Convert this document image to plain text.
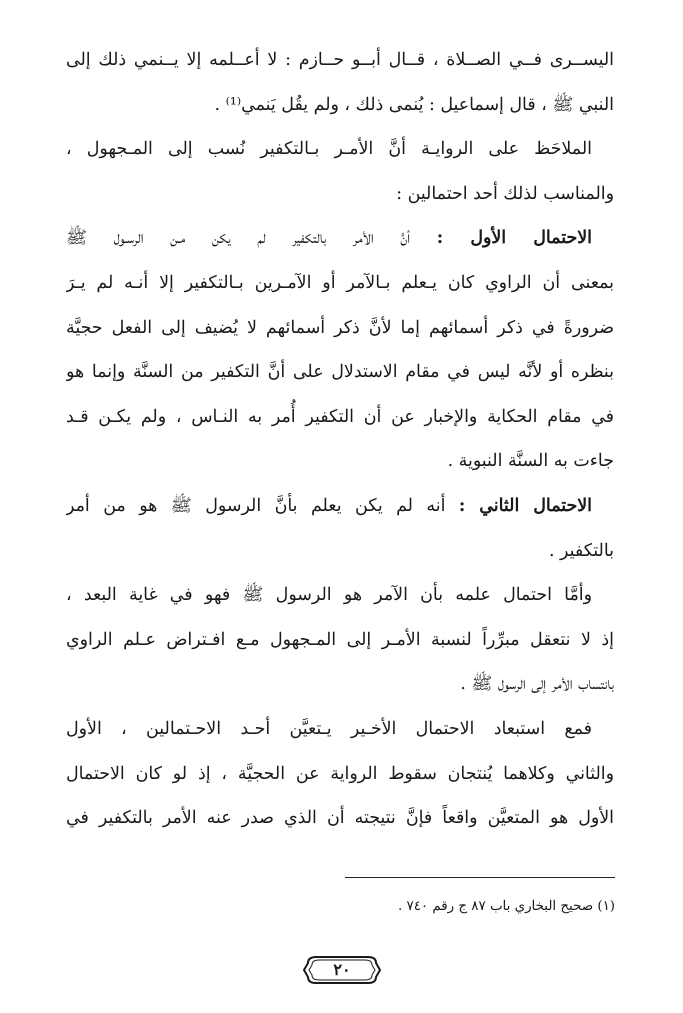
اليســرى فــي الصــلاة ، قــال أبــو حــازم : لا أعــلمه إلا يــنمي ذلك إلى
النبي ﷺ ، قال إسماعيل : يُنمى ذلك ، ولم يقُل يَنمي⁽¹⁾ .
الملاحَظ على الروايـة أنَّ الأمـر بـالتكفير نُسب إلى المـجهول ،
والمناسب لذلك أحد احتمالين :
الاحتمال الأول : أنَّ الأمر بالتكفير لم يكن مـن الرسـول ﷺ
بمعنى أن الراوي كان يـعلم بـالآمر أو الآمـرين بـالتكفير إلا أنـه لم يـرَ
ضرورةً في ذكر أسمائهم إما لأنَّ ذكر أسمائهم لا يُضيف إلى الفعل حجيَّة
بنظره أو لأنَّه ليس في مقام الاستدلال على أنَّ التكفير من السنَّة وإنما هو
في مقام الحكاية والإخبار عن أن التكفير أُمر به النـاس ، ولم يكـن قـد
جاءت به السنَّة النبوية .
الاحتمال الثاني : أنه لم يكن يعلم بأنَّ الرسول ﷺ هو من أمر
بالتكفير .
وأمَّا احتمال علمه بأن الآمر هو الرسول ﷺ فهو في غاية البعد ،
إذ لا نتعقل مبرِّراً لنسبة الأمـر إلى المـجهول مـع افـتراض عـلم الراوي
بانتساب الأمر إلى الرسول ﷺ .
فمع استبعاد الاحتمال الأخـير يـتعيَّن أحـد الاحـتمالين ، الأول
والثاني وكلاهما يُنتجان سقوط الرواية عن الحجيَّة ، إذ لو كان الاحتمال
الأول هو المتعيَّن واقعاً فإنَّ نتيجته أن الذي صدر عنه الأمر بالتكفير في
(١) صحيح البخاري باب ٨٧ ج رقم ٧٤٠ .
٢٠
